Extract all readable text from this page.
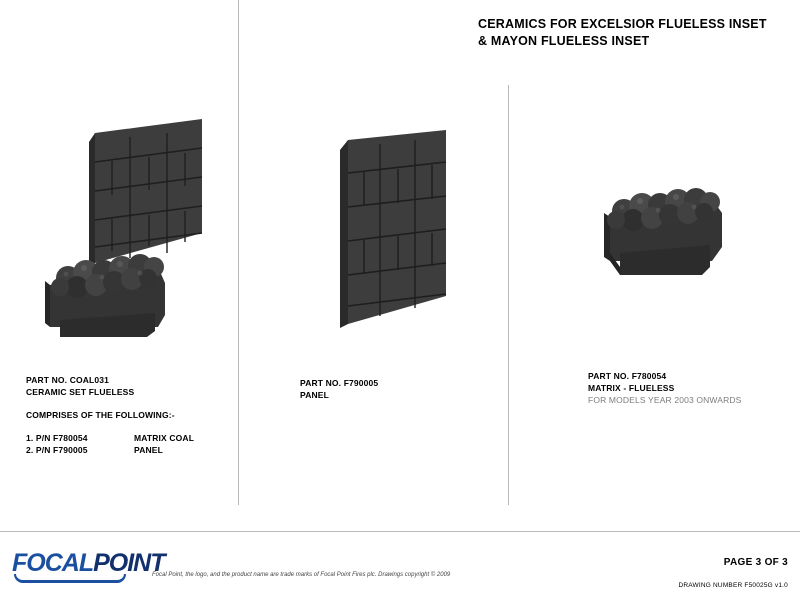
CERAMICS FOR EXCELSIOR FLUELESS INSET
& MAYON FLUELESS INSET
PART NO. COAL031
CERAMIC SET FLUELESS
COMPRISES OF THE FOLLOWING:-
1. P/N F780054	MATRIX COAL
2. P/N F790005	PANEL
PART NO. F790005
PANEL
PART NO. F780054
MATRIX - FLUELESS
FOR MODELS YEAR 2003 ONWARDS
FOCALPOINT
Focal Point, the logo, and the product name are trade marks of Focal Point Fires plc. Drawings copyright © 2009
PAGE 3 OF 3
DRAWING NUMBER F50025G v1.0
